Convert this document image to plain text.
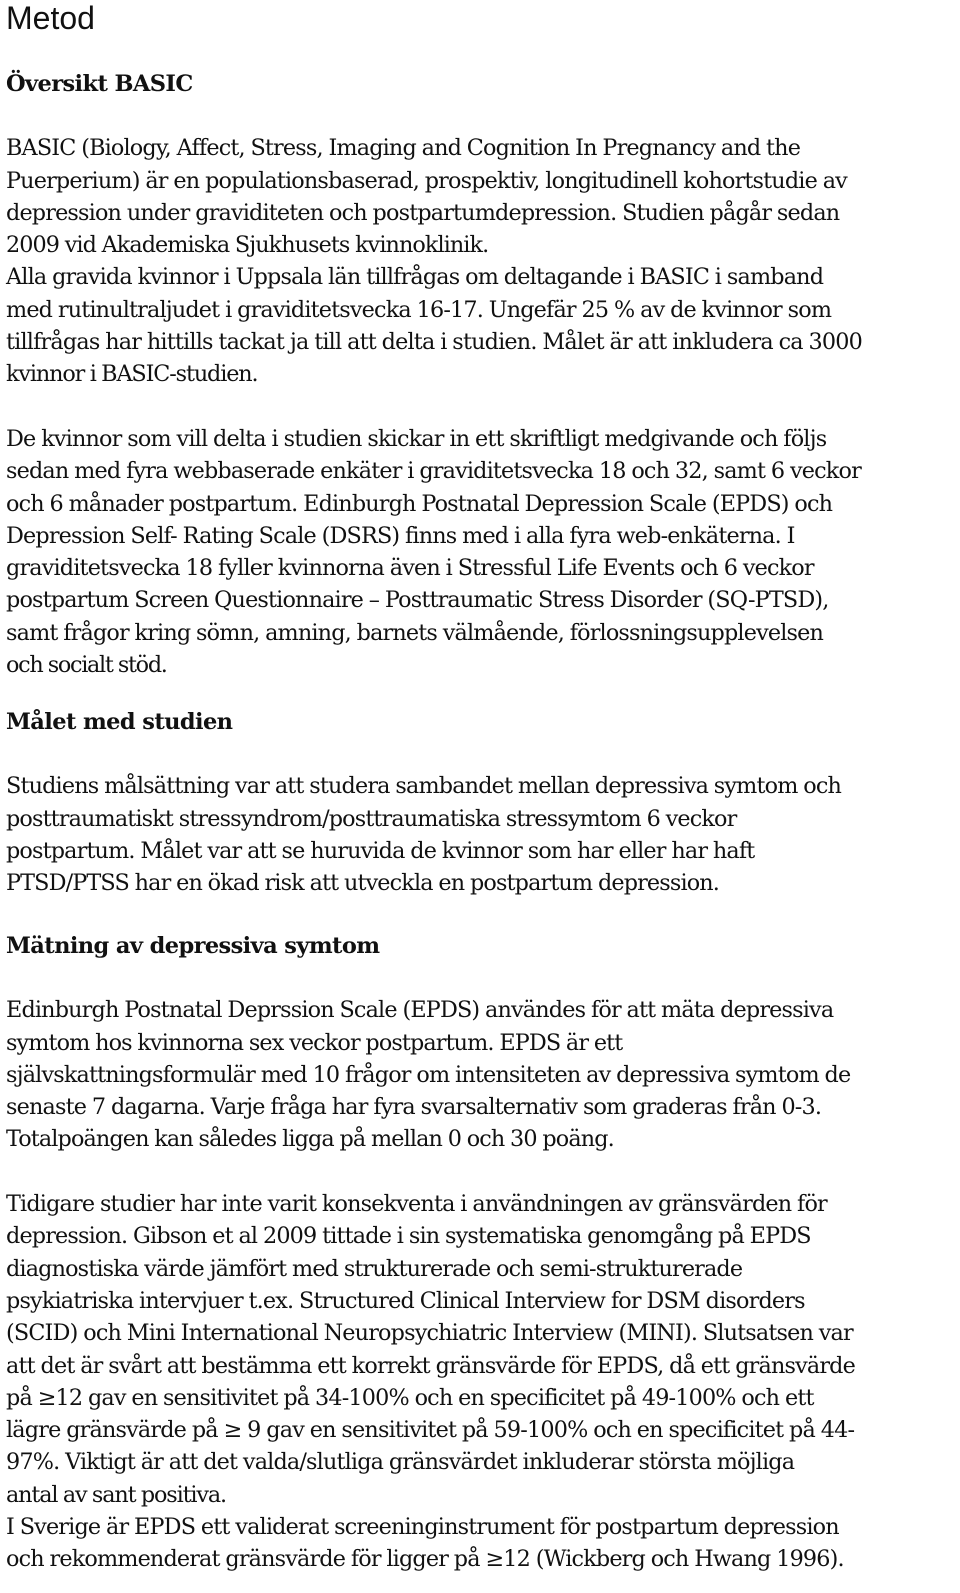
Metod
Översikt BASIC

BASIC (Biology, Affect, Stress, Imaging and Cognition In Pregnancy and the
Puerperium) är en populationsbaserad, prospektiv, longitudinell kohortstudie av
depression under graviditeten och postpartumdepression. Studien pågår sedan
2009 vid Akademiska Sjukhusets kvinnoklinik.
Alla gravida kvinnor i Uppsala län tillfrågas om deltagande i BASIC i samband
med rutinultraljudet i graviditetsvecka 16-17. Ungefär 25 % av de kvinnor som
tillfrågas har hittills tackat ja till att delta i studien. Målet är att inkludera ca 3000
kvinnor i BASIC-studien.

De kvinnor som vill delta i studien skickar in ett skriftligt medgivande och följs
sedan med fyra webbaserade enkäter i graviditetsvecka 18 och 32, samt 6 veckor
och 6 månader postpartum. Edinburgh Postnatal Depression Scale (EPDS) och
Depression Self- Rating Scale (DSRS) finns med i alla fyra web-enkäterna. I
graviditetsvecka 18 fyller kvinnorna även i Stressful Life Events och 6 veckor
postpartum Screen Questionnaire – Posttraumatic Stress Disorder (SQ-PTSD),
samt frågor kring sömn, amning, barnets välmående, förlossningsupplevelsen
och socialt stöd.

Målet med studien

Studiens målsättning var att studera sambandet mellan depressiva symtom och
posttraumatiskt stressyndrom/posttraumatiska stressymtom 6 veckor
postpartum. Målet var att se huruvida de kvinnor som har eller har haft
PTSD/PTSS har en ökad risk att utveckla en postpartum depression.

Mätning av depressiva symtom

Edinburgh Postnatal Deprssion Scale (EPDS) användes för att mäta depressiva
symtom hos kvinnorna sex veckor postpartum. EPDS är ett
självskattningsformulär med 10 frågor om intensiteten av depressiva symtom de
senaste 7 dagarna. Varje fråga har fyra svarsalternativ som graderas från 0-3.
Totalpoängen kan således ligga på mellan 0 och 30 poäng.

Tidigare studier har inte varit konsekventa i användningen av gränsvärden för
depression. Gibson et al 2009 tittade i sin systematiska genomgång på EPDS
diagnostiska värde jämfört med strukturerade och semi-strukturerade
psykiatriska intervjuer t.ex. Structured Clinical Interview for DSM disorders
(SCID) och Mini International Neuropsychiatric Interview (MINI). Slutsatsen var
att det är svårt att bestämma ett korrekt gränsvärde för EPDS, då ett gränsvärde
på ≥12 gav en sensitivitet på 34-100% och en specificitet på 49-100% och ett
lägre gränsvärde på ≥ 9 gav en sensitivitet på 59-100% och en specificitet på 44-
97%. Viktigt är att det valda/slutliga gränsvärdet inkluderar största möjliga
antal av sant positiva.

I Sverige är EPDS ett validerat screeninginstrument för postpartum depression
och rekommenderat gränsvärde för ligger på ≥12 (Wickberg och Hwang 1996).
